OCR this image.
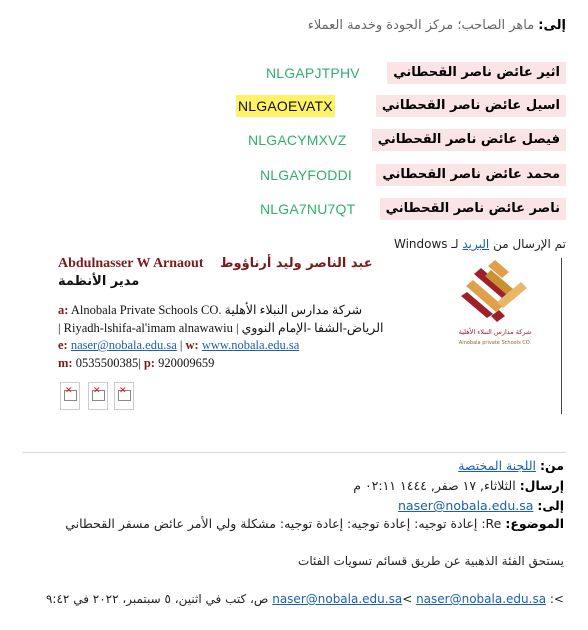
إلى: ماهر الصاحب؛ مركز الجودة وخدمة العملاء
اثير عائض ناصر القحطاني
NLGAPJTPHV
اسيل عائض ناصر القحطاني
NLGAOEVATX
فيصل عائض ناصر القحطاني
NLGACYMXVZ
محمد عائض ناصر القحطاني
NLGAYFODDI
ناصر عائض ناصر القحطاني
NLGA7NU7QT
تم الإرسال من البريد لـ Windows
Abdulnasser W Arnaout عبد الناصر وليد أرناؤوط
مدير الأنظمة
a: Alnobala Private Schools CO. شركة مدارس النبلاء الأهلية
| Riyadh-lshifa-al'imam alnawawiu | الرياض-الشفا -الإمام النووي
e: naser@nobala.edu.sa | w: www.nobala.edu.sa
m: 0535500385| p: 920009659
✕ ✕ ✕
شركة مدارس النبلاء الأهلية
Alnobala private Schools CO.
من: اللجنة المختصة
إرسال: الثلاثاء, ١٧ صفر, ١٤٤٤ ٠٢:١١ م
إلى: naser@nobala.edu.sa
الموضوع: Re: إعادة توجيه: إعادة توجيه: إعادة توجيه: مشكلة ولي الأمر عائض مسفر القحطاني
يستحق الفئة الذهبية عن طريق قسائم تسويات الفئات
>: naser@nobala.edu.sa< naser@nobala.edu.sa ص، كتب في اثنين، ٥ سبتمبر، ٢٠٢٢ في ٩:٤٢
